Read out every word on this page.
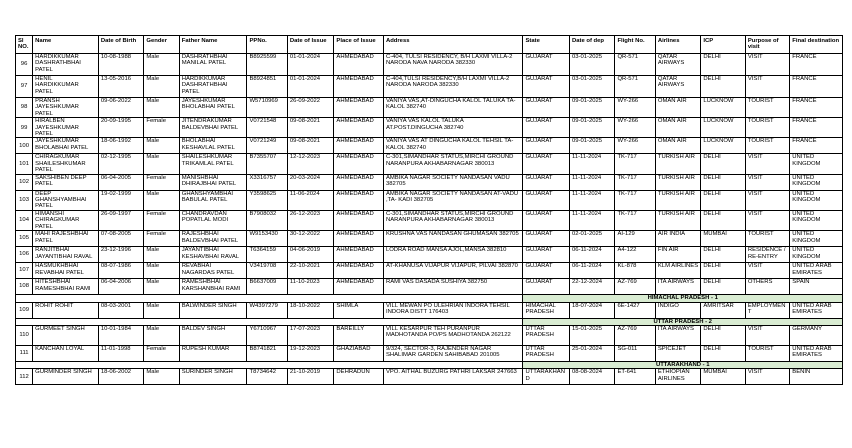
Sl NO.	Name	Date of Birth	Gender	Father Name	PPNo.	Date of Issue	Place of Issue	Address	State	Date of dep	Flight No.	Airlines	ICP	Purpose of visit	Final destination
96	HARDIKKUMAR DASHRATHBHAI PATEL	10-08-1988	Male	DASHRATHBHAI MANILAL PATEL	B8925599	01-01-2024	AHMEDABAD	C-404, TULSI RESIDENCY, B/H LAXMI VILLA-2 NARODA NAVA NARODA 382330	GUJARAT	03-01-2025	QR-571	QATAR AIRWAYS	DELHI	VISIT	FRANCE
97	HENIL HARDIKKUMAR PATEL	13-05-2016	Male	HARDIKKUMAR DASHRATHBHAI PATEL	B8924851	01-01-2024	AHMEDABAD	C-404,TULSI RESIDENCY,B/H LAXMI VILLA-2 NARODA NARODA 382330	GUJARAT	03-01-2025	QR-571	QATAR AIRWAYS	DELHI	VISIT	FRANCE
98	PRANSH JAYESHKUMAR PATEL	09-06-2022	Male	JAYESHKUMAR BHOLABHAI PATEL	W5710969	26-09-2022	AHMEDABAD	VANIYA VAS,AT-DINGUCHA KALOL TALUKA TA-KALOL 382740	GUJARAT	09-01-2025	WY-266	OMAN AIR	LUCKNOW	TOURIST	FRANCE
99	HIRALBEN JAYESHKUMAR PATEL	20-09-1995	Female	JITENDRAKUMAR BALDEVBHAI PATEL	V0721548	09-08-2021	AHMEDABAD	VANIYA VAS KALOL TALUKA AT.POST.DINGUCHA 382740	GUJARAT	09-01-2025	WY-266	OMAN AIR	LUCKNOW	TOURIST	FRANCE
100	JAYESHKUMAR BHOLABHAI PATEL	18-06-1992	Male	BHOLABHAI KESHAVLAL PATEL	V0721249	09-08-2021	AHMEDABAD	VANIYA VAS AT DINGUCHA KALOL TEHSIL TA-KALOL 382740	GUJARAT	09-01-2025	WY-266	OMAN AIR	LUCKNOW	TOURIST	FRANCE
101	CHIRAGKUMAR SHAILESHKUMAR PATEL	02-12-1995	Male	SHAILESHKUMAR TRIKAMLAL PATEL	B7355707	12-12-2023	AHMEDABAD	C-301,SIMANDHAR STATUS,MIRCHI GROUND NARANPURA AKHABARNAGAR 380013	GUJARAT	11-11-2024	TK-717	TURKISH AIR	DELHI	VISIT	UNITED KINGDOM
102	SAKSHIBEN DEEP PATEL	06-04-2005	Female	MANISHBHAI DHIRAJBHAI PATEL	X3316757	20-03-2024	AHMEDABAD	AMBIKA NAGAR SOCIETY NANDASAN VADU 382705	GUJARAT	11-11-2024	TK-717	TURKISH AIR	DELHI	VISIT	UNITED KINGDOM
103	DEEP GHANSHYAMBHAI PATEL	19-02-1999	Male	GHANSHYAMBHAI BABULAL PATEL	Y3598625	11-06-2024	AHMEDABAD	AMBIKA NAGAR SOCIETY NANDASAN AT-VADU ,TA- KADI 382705	GUJARAT	11-11-2024	TK-717	TURKISH AIR	DELHI	VISIT	UNITED KINGDOM
104	HIMANSHI CHIRAGKUMAR PATEL	26-09-1997	Female	CHANDRAVDAN POPATLAL MODI	B7908032	26-12-2023	AHMEDABAD	C-301,SIMANDHAR STATUS,MIRCHI GROUND NARANPURA AKHABARNAGAR 380013	GUJARAT	11-11-2024	TK-717	TURKISH AIR	DELHI	VISIT	UNITED KINGDOM
105	MAHI RAJESHBHAI PATEL	07-08-2005	Female	RAJESHBHAI BALDEVBHAI PATEL	W9153430	30-12-2022	AHMEDABAD	KRUSHNA VAS NANDASAN GHUMASAN 382705	GUJARAT	02-01-2025	AI-129	AIR INDIA	MUMBAI	TOURIST	UNITED KINGDOM
106	RANJITBHAI JAYANTIBHAI RAVAL	23-12-1996	Male	JAYANTIBHAI KESHAVBHAI RAVAL	T6364159	04-06-2019	AHMEDABAD	LODRA ROAD MANSA AJOL,MANSA 382810	GUJARAT	06-11-2024	A4-122	FIN AIR	DELHI	RESIDENCE / RE-ENTRY	UNITED KINGDOM
107	HASMUKHBHAI REVABHAI PATEL	08-07-1986	Male	REVABHAI NAGARDAS PATEL	V3419708	22-10-2021	AHMEDABAD	AT-KHANUSA VIJAPUR VIJAPUR, PILVAI 382870	GUJARAT	06-11-2024	KL-878	KLM AIRLINES	DELHI	VISIT	UNITED ARAB EMIRATES
108	HITESHBHAI RAMESHBHAI RAMI	06-04-2006	Male	RAMESHBHAI KARSHANBHAI RAMI	B6637009	11-10-2023	AHMEDABAD	RAMI VAS DASADA SUSHIYA 382750	GUJARAT	22-12-2024	AZ-769	ITA AIRWAYS	DELHI	OTHERS	SPAIN
									HIMACHAL PRADESH - 1						
109	ROHIT ROHIT	08-03-2001	Male	BALWINDER SINGH	W4397279	18-10-2022	SHIMLA	VILL MEWAN PO ULEHRIAN INDORA TEHSIL INDORA DISTT 176403	HIMACHAL PRADESH	18-07-2024	6E-1427	INDIGO	AMRITSAR	EMPLOYMENT	UNITED ARAB EMIRATES
									UTTAR PRADESH - 2						
110	GURMEET SINGH	10-01-1984	Male	BALDEV SINGH	Y6710967	17-07-2023	BAREILLY	VILL KESARPUR TEH PURANPUR MADHOTANDA PO/PS MADHOTANDA 262122	UTTAR PRADESH	15-01-2025	AZ-769	ITA AIRWAYS	DELHI	VISIT	GERMANY
111	KANCHAN LOYAL	11-01-1998	Female	RUPESH KUMAR	B8741821	19-12-2023	GHAZIABAD	9/324, SECTOR-3, RAJENDER NAGAR SHALIMAR GARDEN SAHIBABAD 201005	UTTAR PRADESH	25-01-2024	SG-011	SPICEJET	DELHI	TOURIST	UNITED ARAB EMIRATES
									UTTARAKHAND - 1						
112	GURMINDER SINGH	18-06-2002	Male	SURINDER SINGH	T8734642	21-10-2019	DEHRADUN	VPO. AITHAL BUZURG PATHRI LAKSAR 247663	UTTARAKHAND	08-08-2024	ET-641	ETHIOPIAN AIRLINES	MUMBAI	VISIT	BENIN
